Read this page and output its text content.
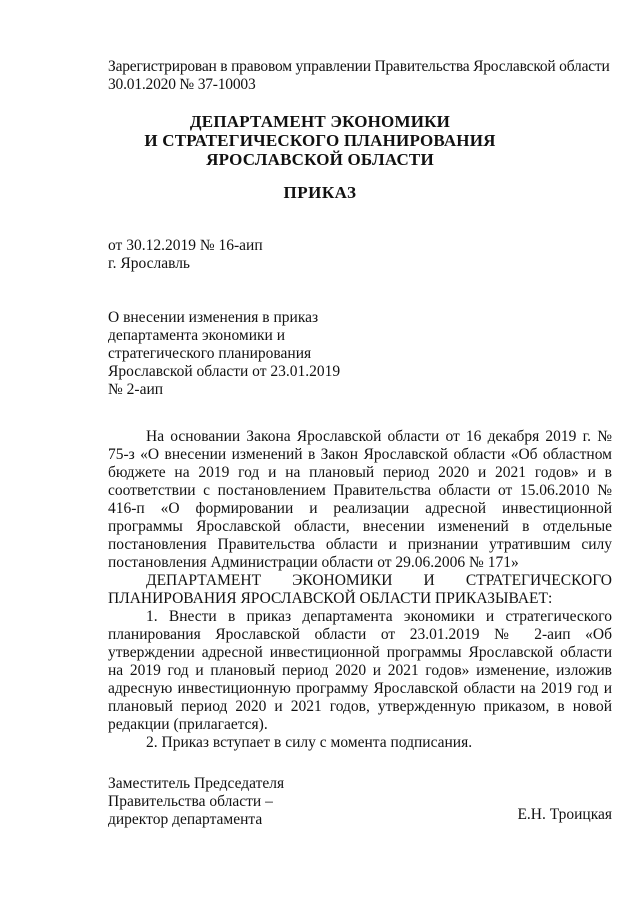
Зарегистрирован в правовом управлении Правительства Ярославской области
30.01.2020 № 37-10003
ДЕПАРТАМЕНТ ЭКОНОМИКИ
И СТРАТЕГИЧЕСКОГО ПЛАНИРОВАНИЯ
ЯРОСЛАВСКОЙ ОБЛАСТИ
ПРИКАЗ
от 30.12.2019 № 16-аип
г. Ярославль
О внесении изменения в приказ
департамента экономики и
стратегического планирования
Ярославской области от 23.01.2019
№ 2-аип

На основании Закона Ярославской области от 16 декабря 2019 г. № 75-з «О внесении изменений в Закон Ярославской области «Об областном бюджете на 2019 год и на плановый период 2020 и 2021 годов» и в соответствии с постановлением Правительства области от 15.06.2010 № 416-п «О формировании и реализации адресной инвестиционной программы Ярославской области, внесении изменений в отдельные постановления Правительства области и признании утратившим силу постановления Администрации области от 29.06.2006 № 171»

ДЕПАРТАМЕНТ ЭКОНОМИКИ И СТРАТЕГИЧЕСКОГО

ПЛАНИРОВАНИЯ ЯРОСЛАВСКОЙ ОБЛАСТИ ПРИКАЗЫВАЕТ:

1. Внести в приказ департамента экономики и стратегического планирования Ярославской области от 23.01.2019 № 2-аип «Об утверждении адресной инвестиционной программы Ярославской области на 2019 год и плановый период 2020 и 2021 годов» изменение, изложив адресную инвестиционную программу Ярославской области на 2019 год и плановый период 2020 и 2021 годов, утвержденную приказом, в новой редакции (прилагается).

2. Приказ вступает в силу с момента подписания.

Заместитель Председателя
Правительства области –
директор департамента	Е.Н. Троицкая
